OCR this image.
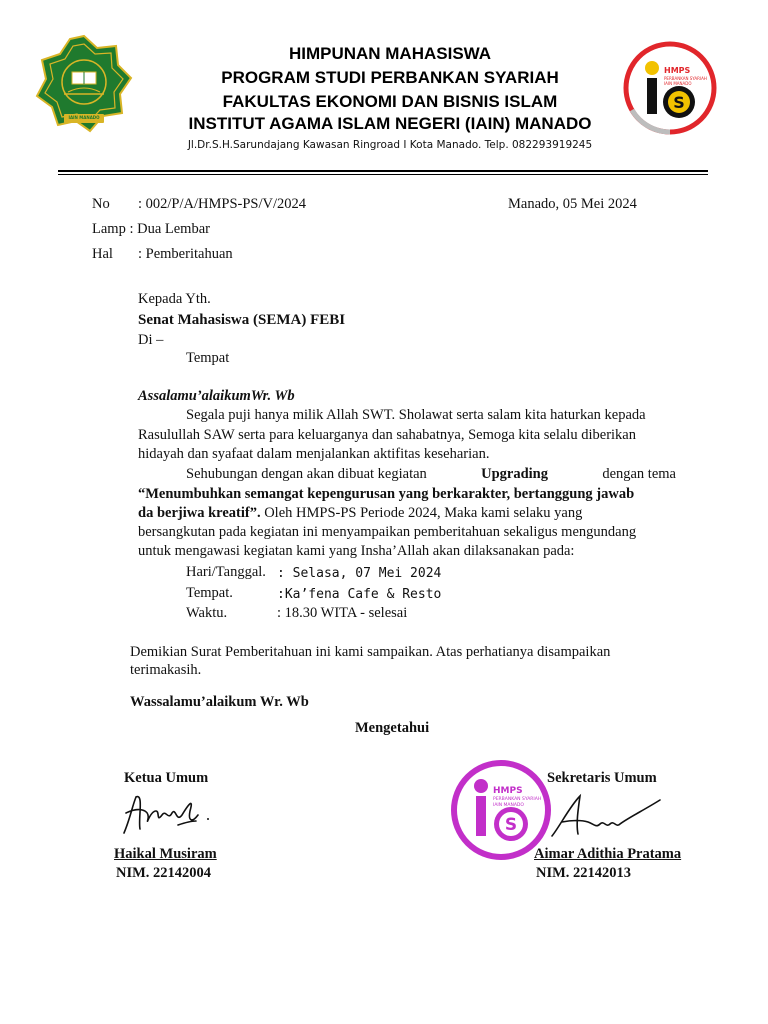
IAIN MANADO
S
HMPS
PERBANKAN SYARIAH
IAIN MANADO
HIMPUNAN MAHASISWA
PROGRAM STUDI PERBANKAN SYARIAH
FAKULTAS EKONOMI DAN BISNIS ISLAM
INSTITUT AGAMA ISLAM NEGERI (IAIN) MANADO
Jl.Dr.S.H.Sarundajang Kawasan Ringroad I Kota Manado. Telp. 082293919245
No : 002/P/A/HMPS-PS/V/2024	Manado, 05 Mei 2024
Lamp : Dua Lembar
Hal : Pemberitahuan
Kepada Yth.
Senat Mahasiswa (SEMA) FEBI
Di –
Tempat
Assalamu’alaikumWr. Wb
Segala puji hanya milik Allah SWT. Sholawat serta salam kita haturkan kepada
Rasulullah SAW serta para keluarganya dan sahabatnya, Semoga kita selalu diberikan
hidayah dan syafaat dalam menjalankan aktifitas keseharian.
Sehubungan dengan akan dibuat kegiatan	Upgrading	dengan tema
“Menumbuhkan semangat kepengurusan yang berkarakter, bertanggung jawab
da berjiwa kreatif”. Oleh HMPS-PS Periode 2024, Maka kami selaku yang
bersangkutan pada kegiatan ini menyampaikan pemberitahuan sekaligus mengundang
untuk mengawasi kegiatan kami yang Insha’Allah akan dilaksanakan pada:
Hari/Tanggal. : Selasa, 07 Mei 2024
Tempat.	:Ka’fena Cafe & Resto
Waktu.	: 18.30 WITA - selesai
Demikian Surat Pemberitahuan ini kami sampaikan. Atas perhatianya disampaikan
terimakasih.
Wassalamu’alaikum Wr. Wb
Mengetahui
Ketua Umum
Haikal Musiram
NIM. 22142004
S
HMPS
PERBANKAN SYARIAH
IAIN MANADO
Sekretaris Umum
Aimar Adithia Pratama
NIM. 22142013
